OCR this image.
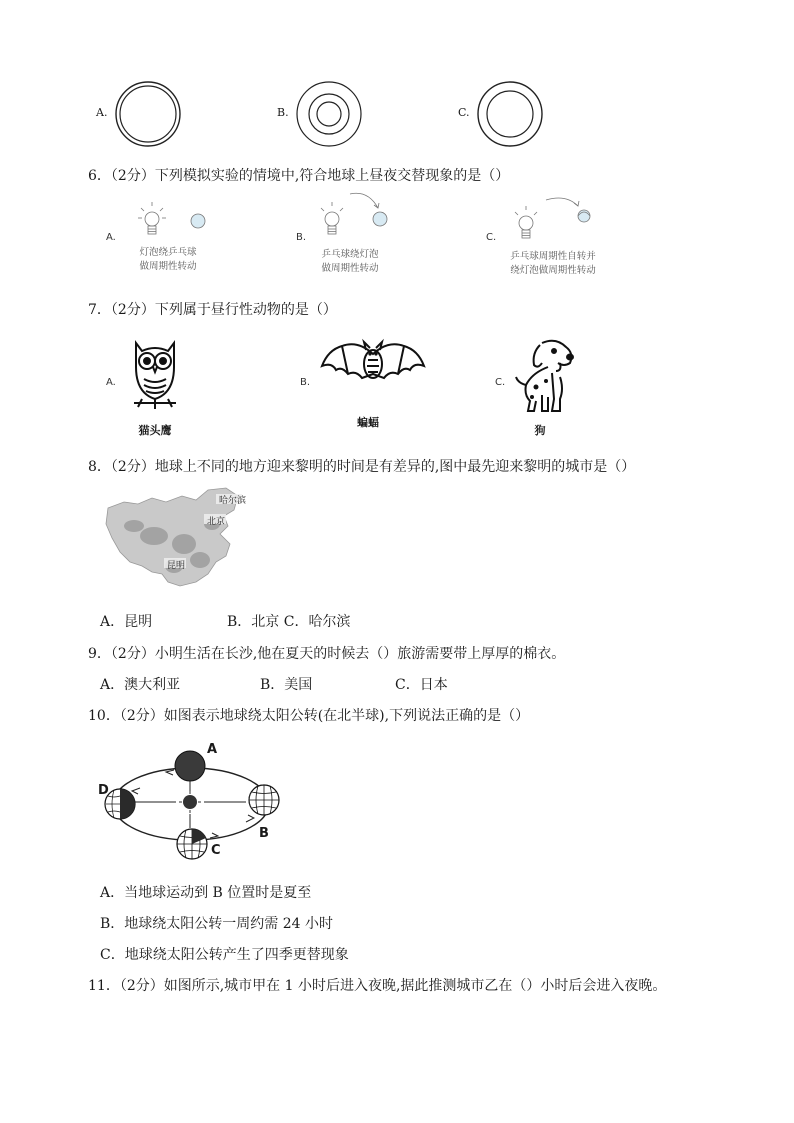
A.	B.	C.
6．（2分）下列模拟实验的情境中,符合地球上昼夜交替现象的是（）
A.
灯泡绕乒乓球
做周期性转动
B.
乒乓球绕灯泡
做周期性转动
C.
乒乓球周期性自转并
绕灯泡做周期性转动
7．（2分）下列属于昼行性动物的是（）
A.
猫头鹰
B.
蝙蝠
C.
狗
8．（2分）地球上不同的地方迎来黎明的时间是有差异的,图中最先迎来黎明的城市是（）
哈尔滨
北京
昆明
A．昆明	B．北京 C．哈尔滨
9．（2分）小明生活在长沙,他在夏天的时候去（）旅游需要带上厚厚的棉衣。
A．澳大利亚	B．美国	C．日本
10．（2分）如图表示地球绕太阳公转(在北半球),下列说法正确的是（）
A
D
B
C
A．当地球运动到 B 位置时是夏至
B．地球绕太阳公转一周约需 24 小时
C．地球绕太阳公转产生了四季更替现象
11．（2分）如图所示,城市甲在 1 小时后进入夜晚,据此推测城市乙在（）小时后会进入夜晚。
